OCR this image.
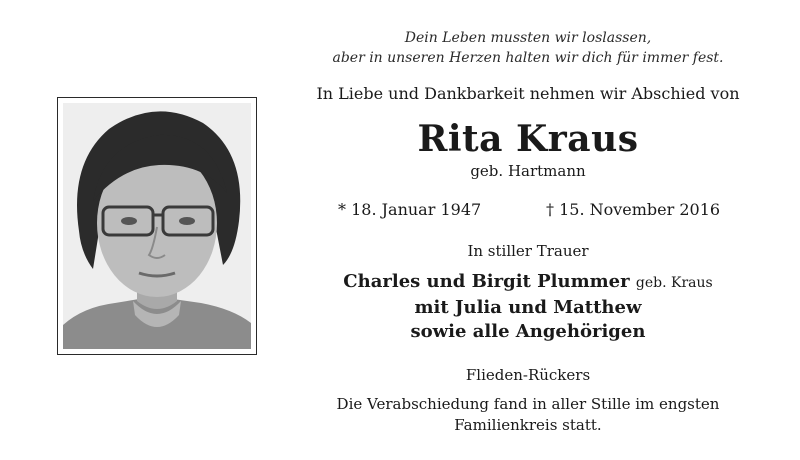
Dein Leben mussten wir loslassen,
aber in unseren Herzen halten wir dich für immer fest.
In Liebe und Dankbarkeit nehmen wir Abschied von
Rita Kraus
geb. Hartmann
* 18. Januar 1947	† 15. November 2016
In stiller Trauer
Charles und Birgit Plummer geb. Kraus
mit Julia und Matthew
sowie alle Angehörigen
Flieden-Rückers
Die Verabschiedung fand in aller Stille im engsten
Familienkreis statt.
